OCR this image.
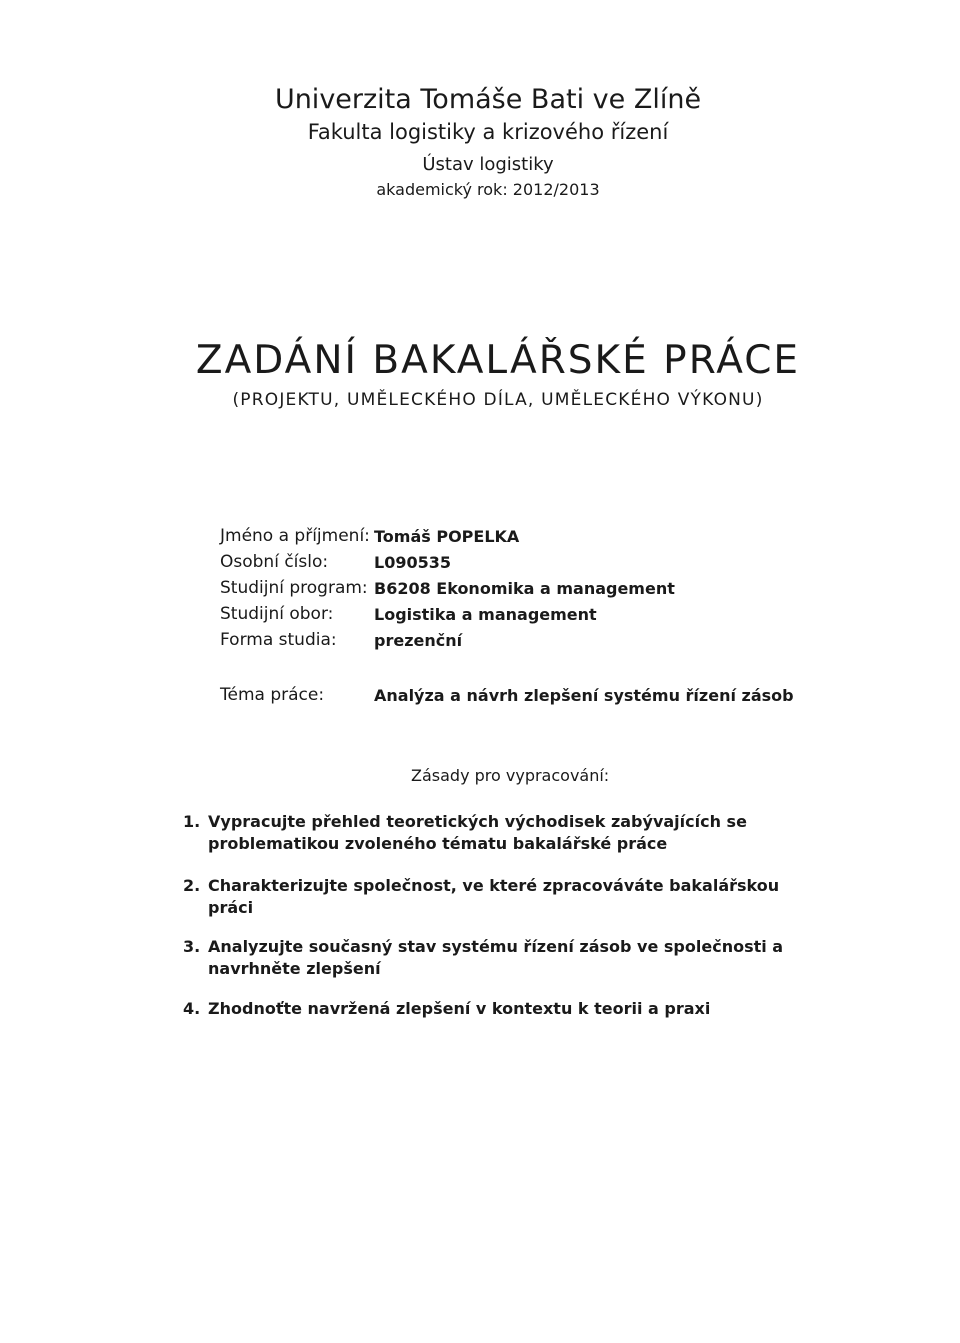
Univerzita Tomáše Bati ve Zlíně
Fakulta logistiky a krizového řízení
Ústav logistiky
akademický rok: 2012/2013
ZADÁNÍ BAKALÁŘSKÉ PRÁCE
(PROJEKTU, UMĚLECKÉHO DÍLA, UMĚLECKÉHO VÝKONU)
Jméno a příjmení: Tomáš POPELKA
Osobní číslo:	L090535
Studijní program: B6208 Ekonomika a management
Studijní obor:	Logistika a management
Forma studia:	prezenční
Téma práce:	Analýza a návrh zlepšení systému řízení zásob
Zásady pro vypracování:
1. Vypracujte přehled teoretických východisek zabývajících se problematikou zvoleného tématu bakalářské práce
2. Charakterizujte společnost, ve které zpracováváte bakalářskou práci
3. Analyzujte současný stav systému řízení zásob ve společnosti a navrhněte zlepšení
4. Zhodnoťte navržená zlepšení v kontextu k teorii a praxi
